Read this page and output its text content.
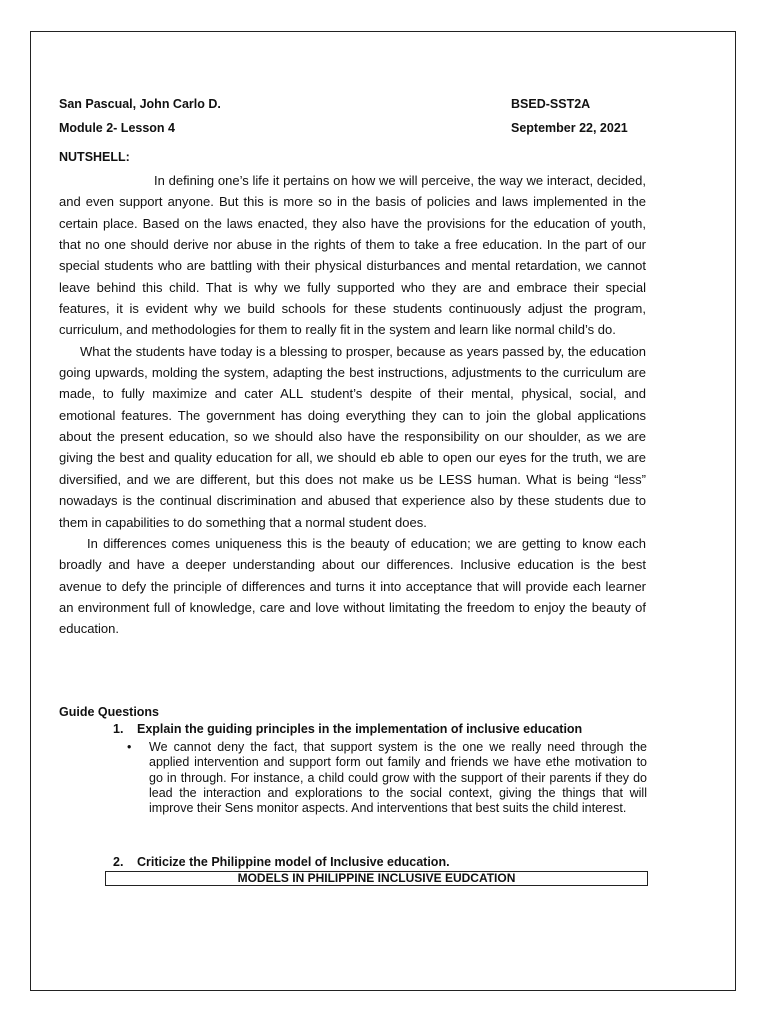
San Pascual, John Carlo D.	BSED-SST2A
Module 2- Lesson 4	September 22, 2021
NUTSHELL:

In defining one’s life it pertains on how we will perceive, the way we interact, decided, and even support anyone. But this is more so in the basis of policies and laws implemented in the certain place. Based on the laws enacted, they also have the provisions for the education of youth, that no one should derive nor abuse in the rights of them to take a free education. In the part of our special students who are battling with their physical disturbances and mental retardation, we cannot leave behind this child. That is why we fully supported who they are and embrace their special features, it is evident why we build schools for these students continuously adjust the program, curriculum, and methodologies for them to really fit in the system and learn like normal child’s do.

What the students have today is a blessing to prosper, because as years passed by, the education going upwards, molding the system, adapting the best instructions, adjustments to the curriculum are made, to fully maximize and cater ALL student’s despite of their mental, physical, social, and emotional features. The government has doing everything they can to join the global applications about the present education, so we should also have the responsibility on our shoulder, as we are giving the best and quality education for all, we should eb able to open our eyes for the truth, we are diversified, and we are different, but this does not make us be LESS human. What is being “less” nowadays is the continual discrimination and abused that experience also by these students due to them in capabilities to do something that a normal student does.

In differences comes uniqueness this is the beauty of education; we are getting to know each broadly and have a deeper understanding about our differences. Inclusive education is the best avenue to defy the principle of differences and turns it into acceptance that will provide each learner an environment full of knowledge, care and love without limitating the freedom to enjoy the beauty of education.

Guide Questions
1. Explain the guiding principles in the implementation of inclusive education
• We cannot deny the fact, that support system is the one we really need through the applied intervention and support form out family and friends we have ethe motivation to go in through. For instance, a child could grow with the support of their parents if they do lead the interaction and explorations to the social context, giving the things that will improve their Sens monitor aspects. And interventions that best suits the child interest.
2. Criticize the Philippine model of Inclusive education.
MODELS IN PHILIPPINE INCLUSIVE EUDCATION
